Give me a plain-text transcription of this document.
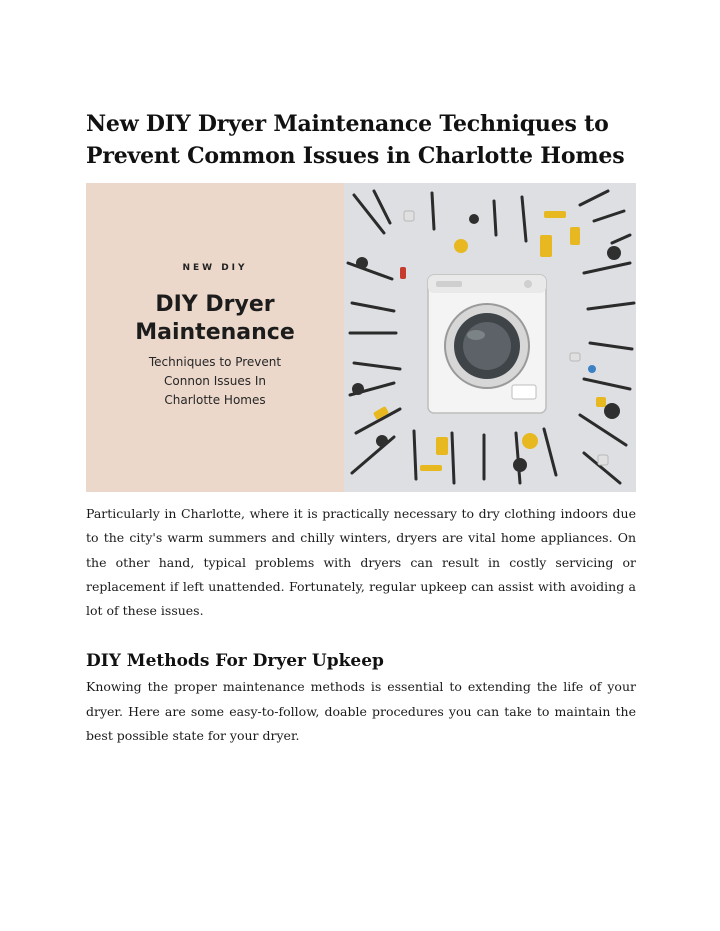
New DIY Dryer Maintenance Techniques to Prevent Common Issues in Charlotte Homes
NEW DIY
DIY Dryer Maintenance
Techniques to Prevent
Connon Issues In
Charlotte Homes

Particularly in Charlotte, where it is practically necessary to dry clothing indoors due to the city's warm summers and chilly winters, dryers are vital home appliances. On the other hand, typical problems with dryers can result in costly servicing or replacement if left unattended. Fortunately, regular upkeep can assist with avoiding a lot of these issues.

DIY Methods For Dryer Upkeep

Knowing the proper maintenance methods is essential to extending the life of your dryer. Here are some easy-to-follow, doable procedures you can take to maintain the best possible state for your dryer.
